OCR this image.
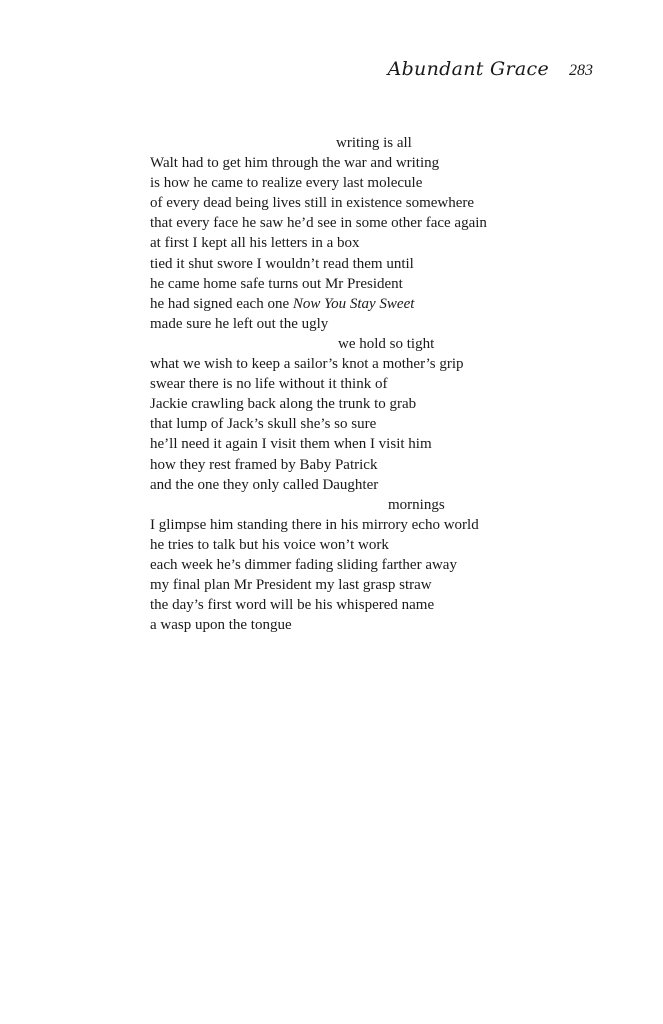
Abundant Grace 283
writing is all
Walt had to get him through the war and writing
is how he came to realize every last molecule
of every dead being lives still in existence somewhere
that every face he saw he’d see in some other face again
at first I kept all his letters in a box
tied it shut swore I wouldn’t read them until
he came home safe turns out Mr President
he had signed each one Now You Stay Sweet
made sure he left out the ugly
we hold so tight
what we wish to keep a sailor’s knot a mother’s grip
swear there is no life without it think of
Jackie crawling back along the trunk to grab
that lump of Jack’s skull she’s so sure
he’ll need it again I visit them when I visit him
how they rest framed by Baby Patrick
and the one they only called Daughter
mornings
I glimpse him standing there in his mirrory echo world
he tries to talk but his voice won’t work
each week he’s dimmer fading sliding farther away
my final plan Mr President my last grasp straw
the day’s first word will be his whispered name
a wasp upon the tongue
